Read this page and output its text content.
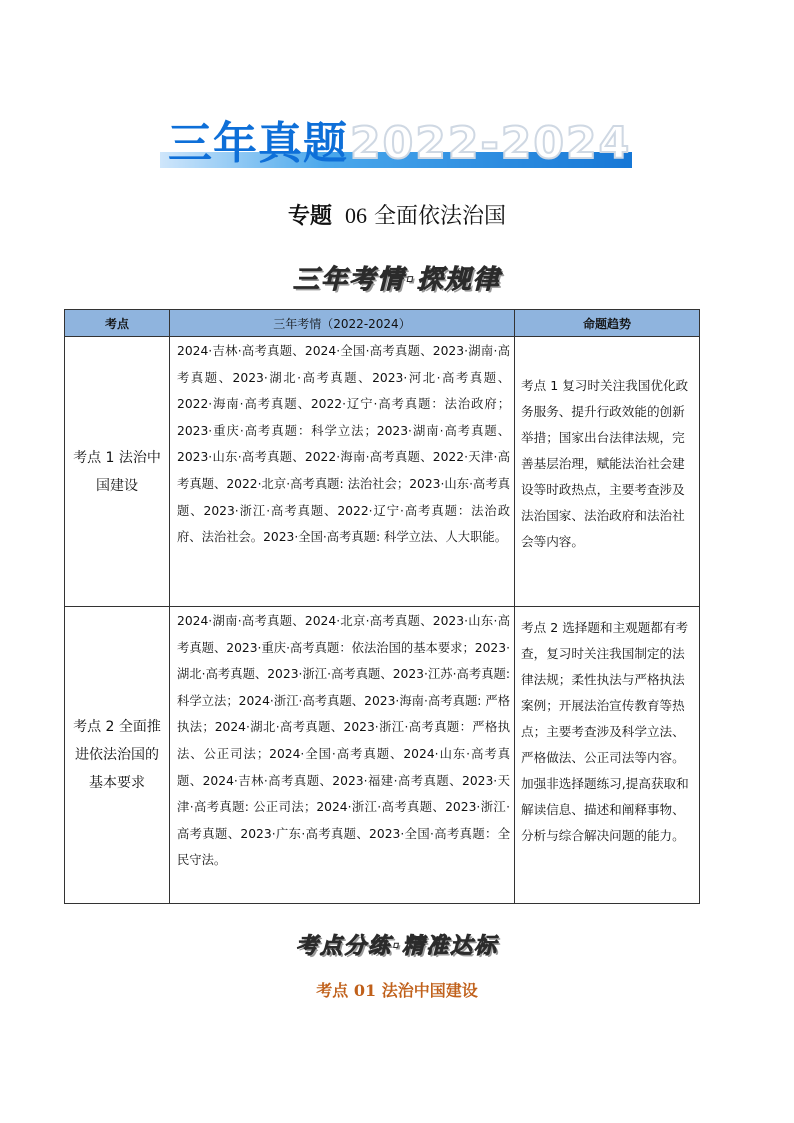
三年真题 2022-2024
专题 06 全面依法治国
三年考情·探规律
考点	三年考情（2022-2024）	命题趋势
考点 1 法治中国建设	2024·吉林·高考真题、2024·全国·高考真题、2023·湖南·高考真题、2023·湖北·高考真题、2023·河北·高考真题、2022·海南·高考真题、2022·辽宁·高考真题：法治政府；2023·重庆·高考真题：科学立法；2023·湖南·高考真题、2023·山东·高考真题、2022·海南·高考真题、2022·天津·高考真题、2022·北京·高考真题: 法治社会；2023·山东·高考真题、2023·浙江·高考真题、2022·辽宁·高考真题：法治政府、法治社会。2023·全国·高考真题: 科学立法、人大职能。	考点 1 复习时关注我国优化政务服务、提升行政效能的创新举措；国家出台法律法规，完善基层治理，赋能法治社会建设等时政热点，主要考查涉及法治国家、法治政府和法治社会等内容。
考点 2 全面推进依法治国的基本要求	2024·湖南·高考真题、2024·北京·高考真题、2023·山东·高考真题、2023·重庆·高考真题：依法治国的基本要求；2023·湖北·高考真题、2023·浙江·高考真题、2023·江苏·高考真题: 科学立法；2024·浙江·高考真题、2023·海南·高考真题: 严格执法；2024·湖北·高考真题、2023·浙江·高考真题：严格执法、公正司法；2024·全国·高考真题、2024·山东·高考真题、2024·吉林·高考真题、2023·福建·高考真题、2023·天津·高考真题: 公正司法；2024·浙江·高考真题、2023·浙江·高考真题、2023·广东·高考真题、2023·全国·高考真题：全民守法。	考点 2 选择题和主观题都有考查，复习时关注我国制定的法律法规；柔性执法与严格执法案例；开展法治宣传教育等热点；主要考查涉及科学立法、严格做法、公正司法等内容。加强非选择题练习,提高获取和解读信息、描述和阐释事物、分析与综合解决问题的能力。
考点分练·精准达标
考点 01 法治中国建设
